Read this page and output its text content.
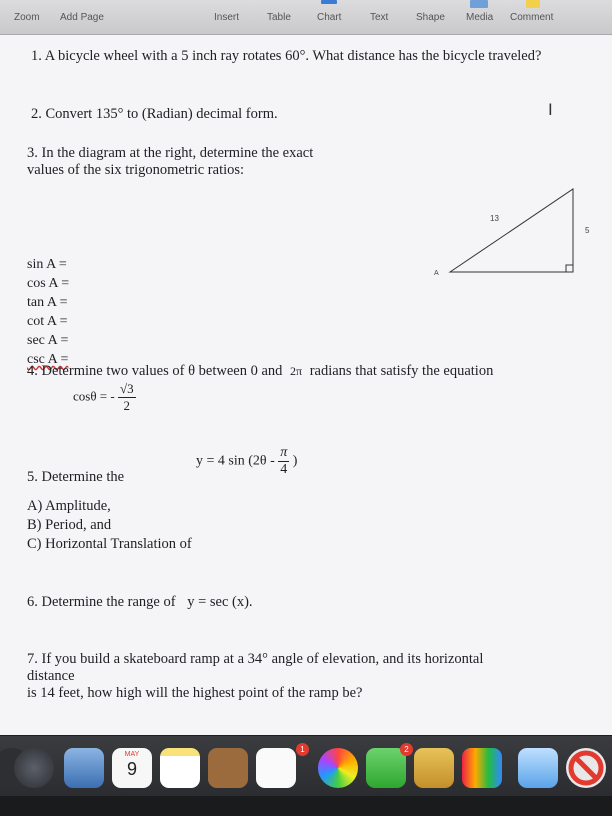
Zoom Add Page	Insert	Table	Chart	Text	Shape Media Comment
1. A bicycle wheel with a 5 inch ray rotates 60°. What distance has the bicycle traveled?
2. Convert 135° to (Radian) decimal form.
3. In the diagram at the right, determine the exact values of the six trigonometric ratios:
sin A =
cos A =
tan A =
cot A =
sec A =
csc A =
13
5
A
4. Determine two values of θ between 0 and 2π radians that satisfy the equation
cosθ = - $\frac{√3}{2}$
5. Determine the
y = 4 $\sin (2\theta - \frac{\pi}{4}$ )
A) Amplitude,
B) Period, and
C) Horizontal Translation of
6. Determine the range of y = sec (x).
7. If you build a skateboard ramp at a 34° angle of elevation, and its horizontal
distance
is 14 feet, how high will the highest point of the ramp be?
I
MAY
9
1	2
